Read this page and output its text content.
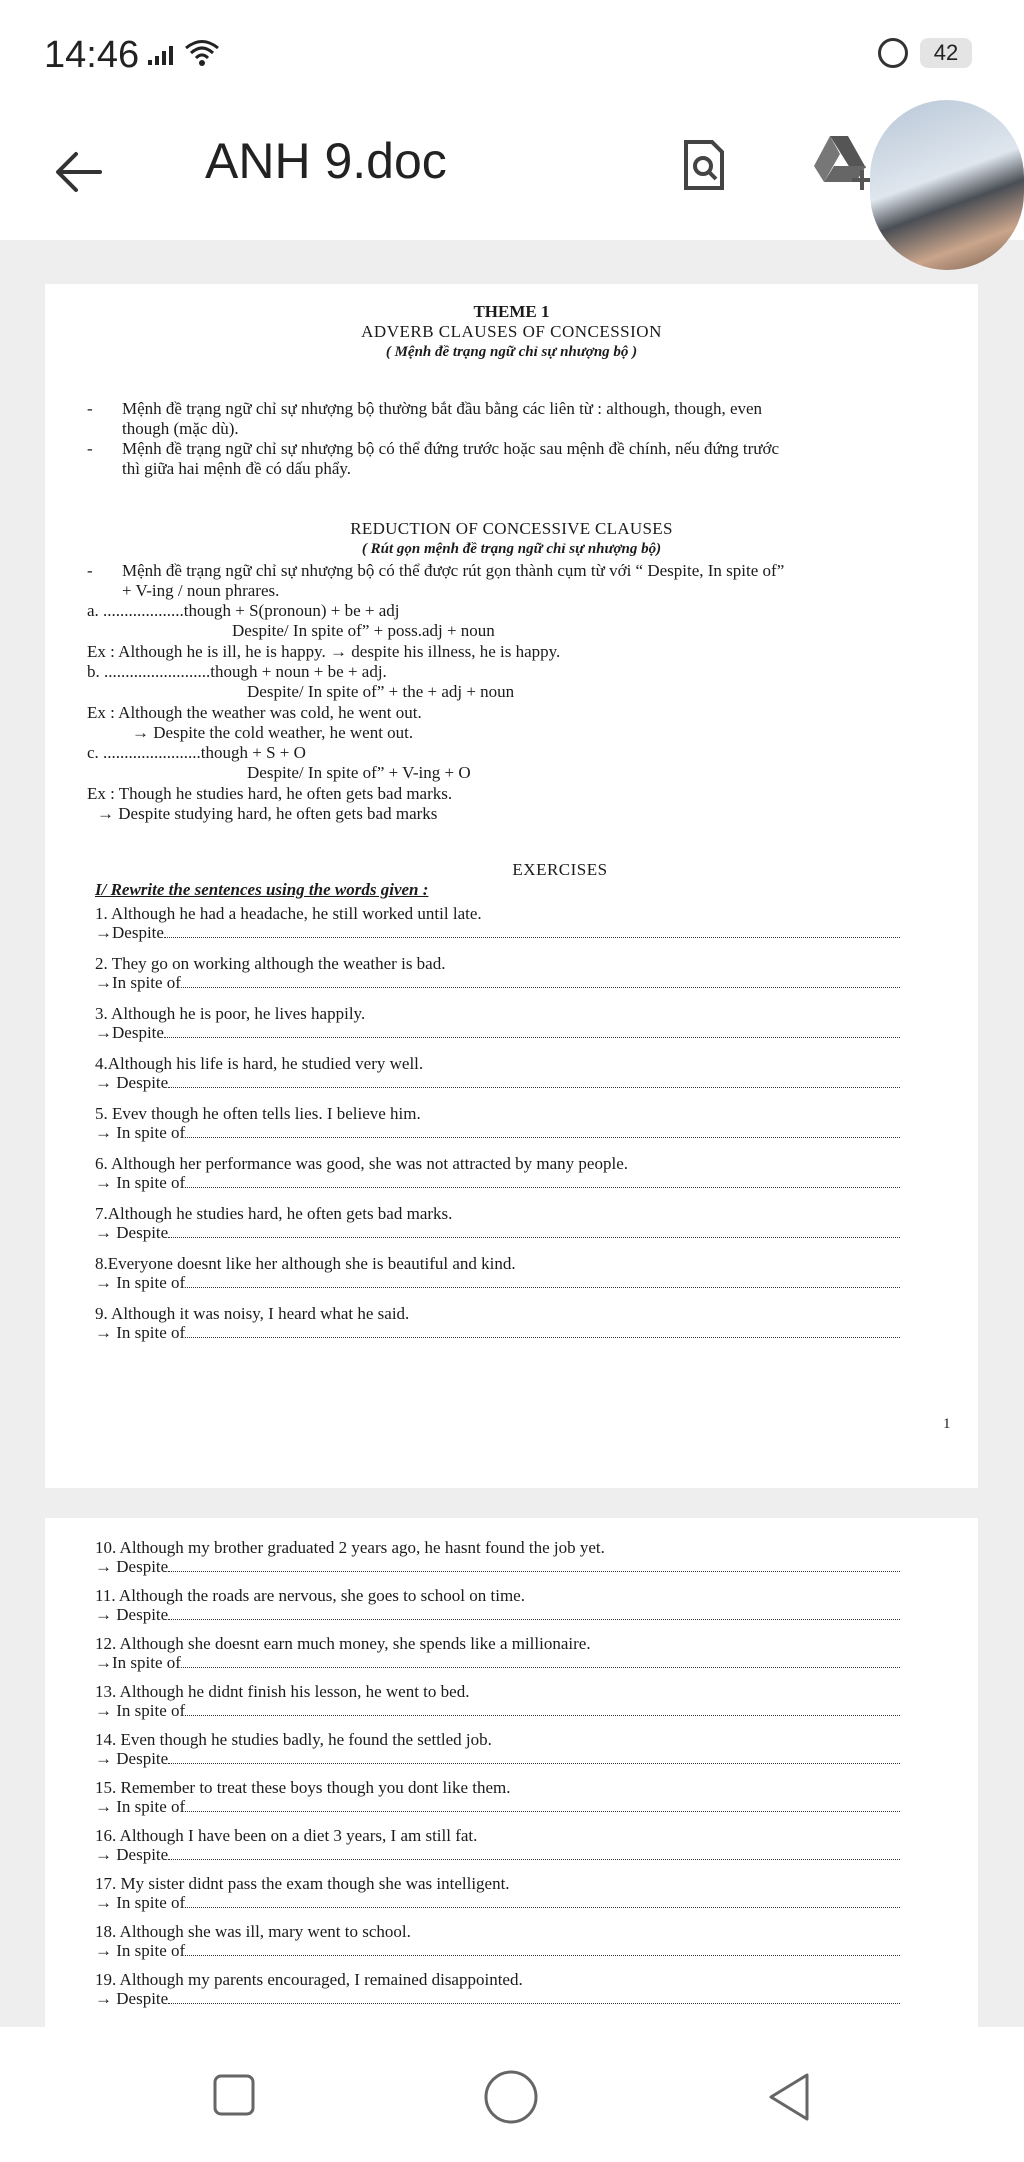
14:46	42
ANH 9.doc
THEME 1
ADVERB CLAUSES OF CONCESSION
( Mệnh đề trạng ngữ chỉ sự nhượng bộ )
- Mệnh đề trạng ngữ chỉ sự nhượng bộ thường bắt đầu bằng các liên từ : although, though, even
though (mặc dù).
- Mệnh đề trạng ngữ chỉ sự nhượng bộ có thể đứng trước hoặc sau mệnh đề chính, nếu đứng trước
thì giữa hai mệnh đề có dấu phẩy.
REDUCTION OF CONCESSIVE CLAUSES
( Rút gọn mệnh đề trạng ngữ chỉ sự nhượng bộ)
- Mệnh đề trạng ngữ chỉ sự nhượng bộ có thể được rút gọn thành cụm từ với “ Despite, In spite of”
+ V-ing / noun phrares.
a. ...................though + S(pronoun) + be + adj
Despite/ In spite of” + poss.adj + noun
Ex : Although he is ill, he is happy. → despite his illness, he is happy.
b. .........................though + noun + be + adj.
Despite/ In spite of” + the + adj + noun
Ex : Although the weather was cold, he went out.
→ Despite the cold weather, he went out.
c. .......................though + S + O
Despite/ In spite of” + V-ing + O
Ex : Though he studies hard, he often gets bad marks.
→ Despite studying hard, he often gets bad marks
EXERCISES
I/ Rewrite the sentences using the words given :
1. Although he had a headache, he still worked until late.
→Despite
2. They go on working although the weather is bad.
→In spite of
3. Although he is poor, he lives happily.
→Despite
4.Although his life is hard, he studied very well.
→ Despite
5. Evev though he often tells lies. I believe him.
→ In spite of
6. Although her performance was good, she was not attracted by many people.
→ In spite of
7.Although he studies hard, he often gets bad marks.
→ Despite
8.Everyone doesnt like her although she is beautiful and kind.
→ In spite of
9. Although it was noisy, I heard what he said.
→ In spite of
1
10. Although my brother graduated 2 years ago, he hasnt found the job yet.
→ Despite
11. Although the roads are nervous, she goes to school on time.
→ Despite
12. Although she doesnt earn much money, she spends like a millionaire.
→In spite of
13. Although he didnt finish his lesson, he went to bed.
→ In spite of
14. Even though he studies badly, he found the settled job.
→ Despite
15. Remember to treat these boys though you dont like them.
→ In spite of
16. Although I have been on a diet 3 years, I am still fat.
→ Despite
17. My sister didnt pass the exam though she was intelligent.
→ In spite of
18. Although she was ill, mary went to school.
→ In spite of
19. Although my parents encouraged, I remained disappointed.
→ Despite
